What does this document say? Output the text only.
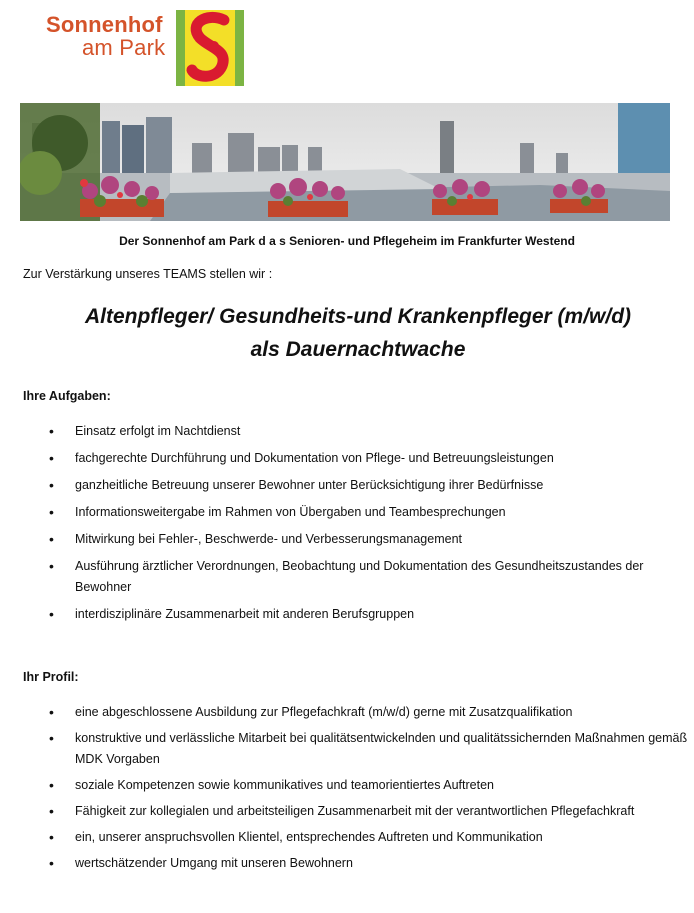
Sonnenhof
am Park
Der Sonnenhof am Park d a s Senioren- und Pflegeheim im Frankfurter Westend
Zur Verstärkung unseres TEAMS stellen wir :
Altenpfleger/ Gesundheits-und Krankenpfleger (m/w/d)
als Dauernachtwache
Ihre Aufgaben:
• Einsatz erfolgt im Nachtdienst
• fachgerechte Durchführung und Dokumentation von Pflege- und Betreuungsleistungen
• ganzheitliche Betreuung unserer Bewohner unter Berücksichtigung ihrer Bedürfnisse
• Informationsweitergabe im Rahmen von Übergaben und Teambesprechungen
• Mitwirkung bei Fehler-, Beschwerde- und Verbesserungsmanagement
• Ausführung ärztlicher Verordnungen, Beobachtung und Dokumentation des Gesundheitszustandes der Bewohner
• interdisziplinäre Zusammenarbeit mit anderen Berufsgruppen
Ihr Profil:
• eine abgeschlossene Ausbildung zur Pflegefachkraft (m/w/d) gerne mit Zusatzqualifikation
• konstruktive und verlässliche Mitarbeit bei qualitätsentwickelnden und qualitätssichernden Maßnahmen gemäß MDK Vorgaben
• soziale Kompetenzen sowie kommunikatives und teamorientiertes Auftreten
• Fähigkeit zur kollegialen und arbeitsteiligen Zusammenarbeit mit der verantwortlichen Pflegefachkraft
• ein, unserer anspruchsvollen Klientel, entsprechendes Auftreten und Kommunikation
• wertschätzender Umgang mit unseren Bewohnern
